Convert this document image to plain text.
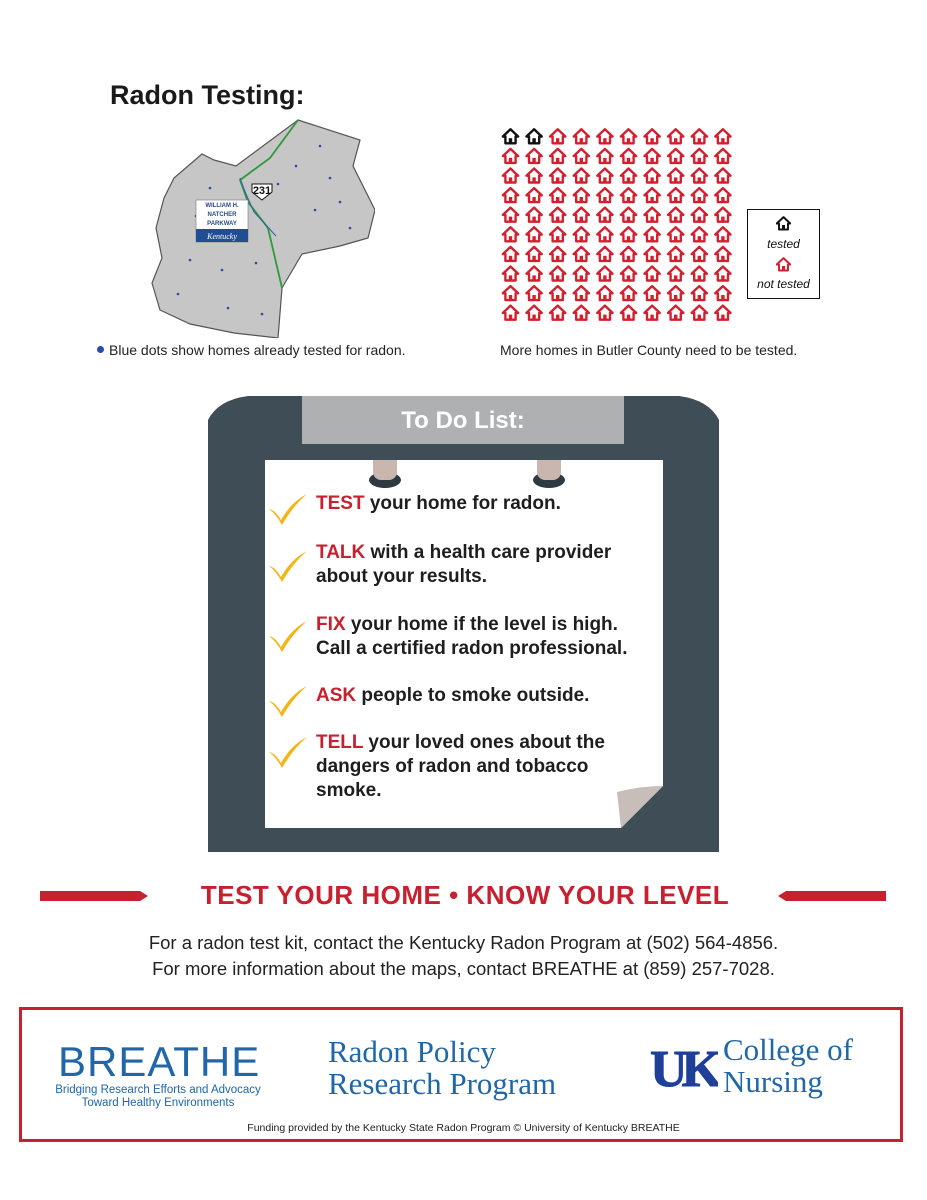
Radon Testing:
231
WILLIAM H.
NATCHER
PARKWAY
Kentucky
Blue dots show homes already tested for radon.
tested
not tested
More homes in Butler County need to be tested.
To Do List:
TEST your home for radon.
TALK with a health care provider
about your results.
FIX your home if the level is high.
Call a certified radon professional.
ASK people to smoke outside.
TELL your loved ones about the
dangers of radon and tobacco
smoke.
TEST YOUR HOME • KNOW YOUR LEVEL
For a radon test kit, contact the Kentucky Radon Program at (502) 564-4856.
For more information about the maps, contact BREATHE at (859) 257-7028.
BREATHE
Bridging Research Efforts and Advocacy
Toward Healthy Environments
Radon Policy
Research Program UK College of
Nursing
Funding provided by the Kentucky State Radon Program © University of Kentucky BREATHE
